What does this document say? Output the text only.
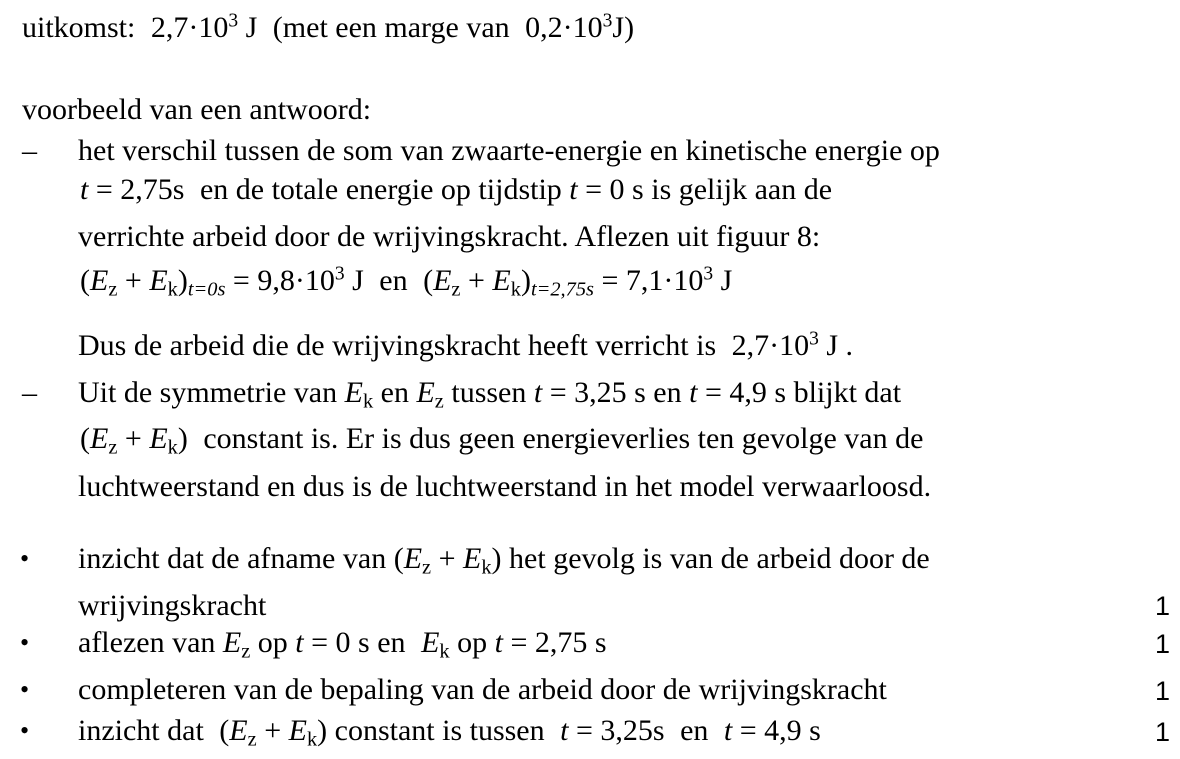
uitkomst: $2,7\cdot 10^3$ J (met een marge van $0,2\cdot 10^3J$)
voorbeeld van een antwoord:
– het verschil tussen de som van zwaarte-energie en kinetische energie op
t = 2,75s en de totale energie op tijdstip t = 0 s is gelijk aan de
verrichte arbeid door de wrijvingskracht. Aflezen uit figuur 8:
$(E_z + E_k)_{t=0s} = 9,8\cdot 10^3$ J en $(E_z + E_k)_{t=2,75s} = 7,1\cdot 10^3$ J
Dus de arbeid die de wrijvingskracht heeft verricht is $2,7\cdot 10^3$ J .
– Uit de symmetrie van $E_k$ en $E_z$ tussen t = 3,25 s en t = 4,9 s blijkt dat
$(E_z + E_k)$ constant is. Er is dus geen energieverlies ten gevolge van de
luchtweerstand en dus is de luchtweerstand in het model verwaarloosd.
• inzicht dat de afname van $(E_z + E_k)$ het gevolg is van de arbeid door de
wrijvingskracht	1
• aflezen van $E_z$ op t = 0 s en $E_k$ op t = 2,75 s	1
• completeren van de bepaling van de arbeid door de wrijvingskracht	1
• inzicht dat $(E_z + E_k)$ constant is tussen t = 3,25s en t = 4,9 s	1
